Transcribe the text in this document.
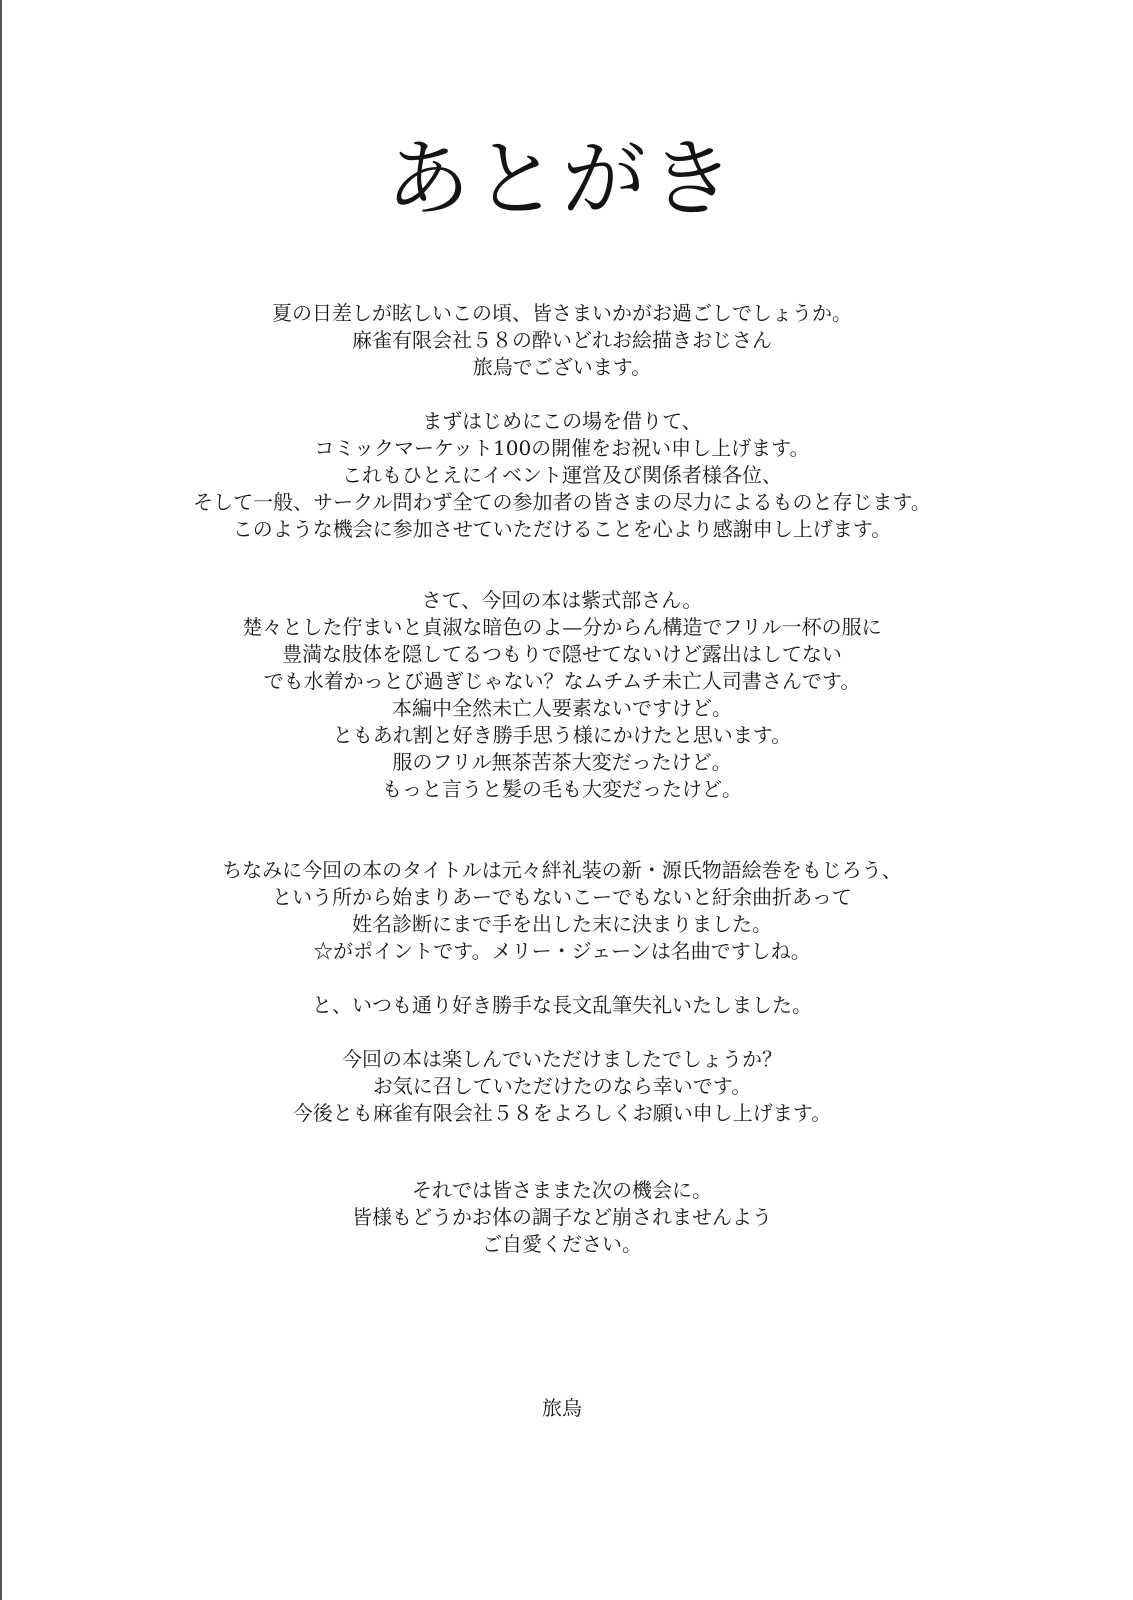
あとがき

夏の日差しが眩しいこの頃、皆さまいかがお過ごしでしょうか。
麻雀有限会社５８の酔いどれお絵描きおじさん
旅烏でございます。

まずはじめにこの場を借りて、
コミックマーケット100の開催をお祝い申し上げます。
これもひとえにイベント運営及び関係者様各位、
そして一般、サークル問わず全ての参加者の皆さまの尽力によるものと存じます。
このような機会に参加させていただけることを心より感謝申し上げます。

さて、今回の本は紫式部さん。
楚々とした佇まいと貞淑な暗色のよ—分からん構造でフリル一杯の服に
豊満な肢体を隠してるつもりで隠せてないけど露出はしてない
でも水着かっとび過ぎじゃない？なムチムチ未亡人司書さんです。
本編中全然未亡人要素ないですけど。
ともあれ割と好き勝手思う様にかけたと思います。
服のフリル無茶苦茶大変だったけど。
もっと言うと髪の毛も大変だったけど。

ちなみに今回の本のタイトルは元々絆礼装の新・源氏物語絵巻をもじろう、
という所から始まりあーでもないこーでもないと紆余曲折あって
姓名診断にまで手を出した末に決まりました。
☆がポイントです。メリー・ジェーンは名曲ですしね。

と、いつも通り好き勝手な長文乱筆失礼いたしました。

今回の本は楽しんでいただけましたでしょうか？
お気に召していただけたのなら幸いです。
今後とも麻雀有限会社５８をよろしくお願い申し上げます。

それでは皆さままた次の機会に。
皆様もどうかお体の調子など崩されませんよう
ご自愛ください。

旅烏
